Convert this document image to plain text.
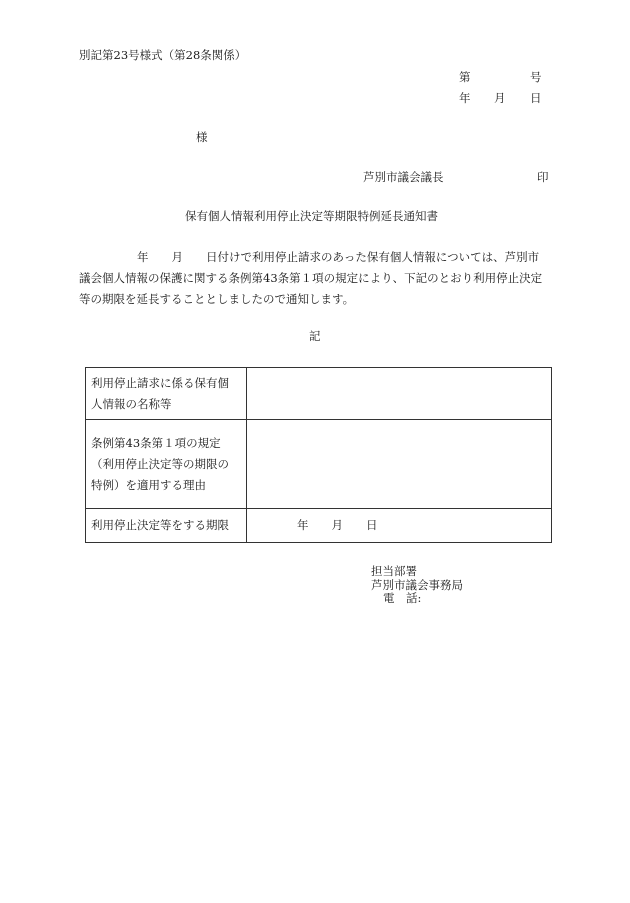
別記第23号様式（第28条関係）
第	号
年 月 日
様
芦別市議会議長	印
保有個人情報利用停止決定等期限特例延長通知書
年 月 日付けで利用停止請求のあった保有個人情報については、芦別市
議会個人情報の保護に関する条例第43条第１項の規定により、下記のとおり利用停止決定
等の期限を延長することとしましたので通知します。
記
利用停止請求に係る保有個
人情報の名称等	

条例第43条第１項の規定
（利用停止決定等の期限の
特例）を適用する理由	

利用停止決定等をする期限	年 月 日
担当部署
芦別市議会事務局
電　話:
